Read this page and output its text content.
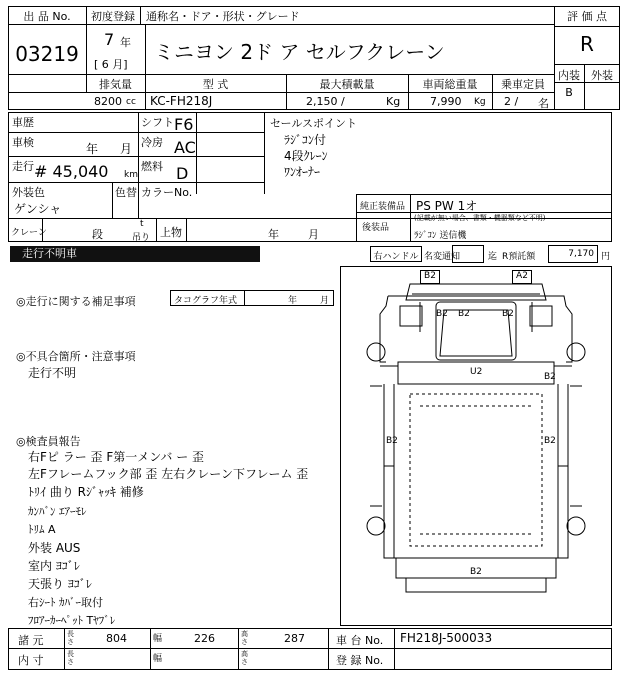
出 品 No.
03219
初度登録	通称名・ドア・形状・グレード
7 年
[ 6 月]
ミニヨン 2ド ア セルフクレーン
評 価 点
R
内装	外装
B
排気量	型 式	最大積載量	車両総重量	乗車定員
8200 cc KC-FH218J	2,150 /	Kg	7,990 Kg 2 / 名
車歴	シフト F6
車検	年 月 冷房 AC
走行 # 45,040 km
燃料 D
外装色
ゲンシャ
色替 カラーNo.
クレーン	段
t
吊り 上物	年	月
セールスポイント
ﾗｼﾞｺﾝ付
4段ｸﾚｰﾝ
ﾜﾝｵｰﾅｰ
純正装備品 PS PW 1オ
後装品
(記載が無い場合、書類・機器類など不明)
ﾗｼﾞｺﾝ 送信機
走行不明車	右ハンドル 名変通知	迄 R預託額	7,170 円
◎走行に関する補足事項	タコグラフ年式	年	月
◎不具合箇所・注意事項
走行不明
◎検査員報告
右Fピ ラー 歪 F第一メンバ ー 歪
左Fフレームフック部 歪 左右クレーン下フレーム 歪
ﾄﾘｲ 曲り Rｼﾞｬｯｷ 補修
ｶﾝﾊﾞﾝ ｴｱｰﾓﾚ
ﾄﾘﾑ A
外装 AUS
室内 ﾖｺﾞﾚ
天張り ﾖｺﾞﾚ
右ｼｰﾄ ｶﾊﾞｰ取付
ﾌﾛｱｰｶｰﾍﾟｯﾄ Tﾔﾌﾞﾚ
B2	A2
B2 B2	B2
U2	B2
B2	B2
B2
諸 元	長さ	804	幅	226	高さ	287	車 台 No. FH218J-500033
内 寸	長さ	幅	高さ	登 録 No.
